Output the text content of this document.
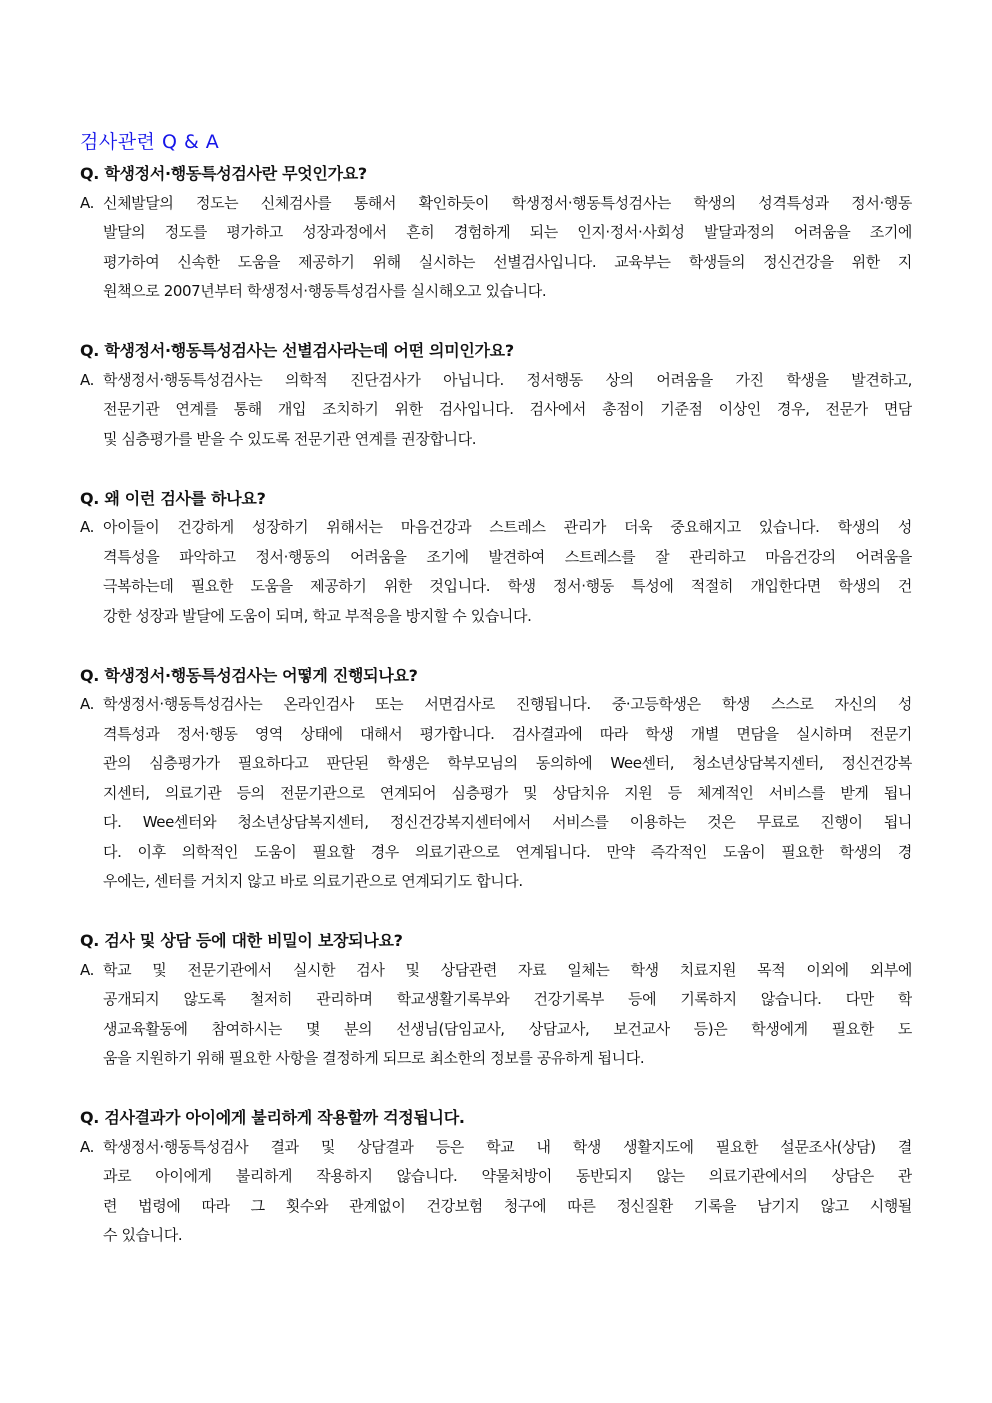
검사관련 Q & A
Q. 학생정서·행동특성검사란 무엇인가요?
A. 신체발달의 정도는 신체검사를 통해서 확인하듯이 학생정서·행동특성검사는 학생의 성격특성과 정서·행동
발달의 정도를 평가하고 성장과정에서 흔히 경험하게 되는 인지·정서·사회성 발달과정의 어려움을 조기에
평가하여 신속한 도움을 제공하기 위해 실시하는 선별검사입니다. 교육부는 학생들의 정신건강을 위한 지
원책으로 2007년부터 학생정서·행동특성검사를 실시해오고 있습니다.
Q. 학생정서·행동특성검사는 선별검사라는데 어떤 의미인가요?
A. 학생정서·행동특성검사는 의학적 진단검사가 아닙니다. 정서행동 상의 어려움을 가진 학생을 발견하고,
전문기관 연계를 통해 개입 조치하기 위한 검사입니다. 검사에서 총점이 기준점 이상인 경우, 전문가 면담
및 심층평가를 받을 수 있도록 전문기관 연계를 권장합니다.
Q. 왜 이런 검사를 하나요?
A. 아이들이 건강하게 성장하기 위해서는 마음건강과 스트레스 관리가 더욱 중요해지고 있습니다. 학생의 성
격특성을 파악하고 정서·행동의 어려움을 조기에 발견하여 스트레스를 잘 관리하고 마음건강의 어려움을
극복하는데 필요한 도움을 제공하기 위한 것입니다. 학생 정서·행동 특성에 적절히 개입한다면 학생의 건
강한 성장과 발달에 도움이 되며, 학교 부적응을 방지할 수 있습니다.
Q. 학생정서·행동특성검사는 어떻게 진행되나요?
A. 학생정서·행동특성검사는 온라인검사 또는 서면검사로 진행됩니다. 중·고등학생은 학생 스스로 자신의 성
격특성과 정서·행동 영역 상태에 대해서 평가합니다. 검사결과에 따라 학생 개별 면담을 실시하며 전문기
관의 심층평가가 필요하다고 판단된 학생은 학부모님의 동의하에 Wee센터, 청소년상담복지센터, 정신건강복
지센터, 의료기관 등의 전문기관으로 연계되어 심층평가 및 상담치유 지원 등 체계적인 서비스를 받게 됩니
다. Wee센터와 청소년상담복지센터, 정신건강복지센터에서 서비스를 이용하는 것은 무료로 진행이 됩니
다. 이후 의학적인 도움이 필요할 경우 의료기관으로 연계됩니다. 만약 즉각적인 도움이 필요한 학생의 경
우에는, 센터를 거치지 않고 바로 의료기관으로 연계되기도 합니다.
Q. 검사 및 상담 등에 대한 비밀이 보장되나요?
A. 학교 및 전문기관에서 실시한 검사 및 상담관련 자료 일체는 학생 치료지원 목적 이외에 외부에
공개되지 않도록 철저히 관리하며 학교생활기록부와 건강기록부 등에 기록하지 않습니다. 다만 학
생교육활동에 참여하시는 몇 분의 선생님(담임교사, 상담교사, 보건교사 등)은 학생에게 필요한 도
움을 지원하기 위해 필요한 사항을 결정하게 되므로 최소한의 정보를 공유하게 됩니다.
Q. 검사결과가 아이에게 불리하게 작용할까 걱정됩니다.
A. 학생정서·행동특성검사 결과 및 상담결과 등은 학교 내 학생 생활지도에 필요한 설문조사(상담) 결
과로 아이에게 불리하게 작용하지 않습니다. 약물처방이 동반되지 않는 의료기관에서의 상담은 관
련 법령에 따라 그 횟수와 관계없이 건강보험 청구에 따른 정신질환 기록을 남기지 않고 시행될
수 있습니다.
